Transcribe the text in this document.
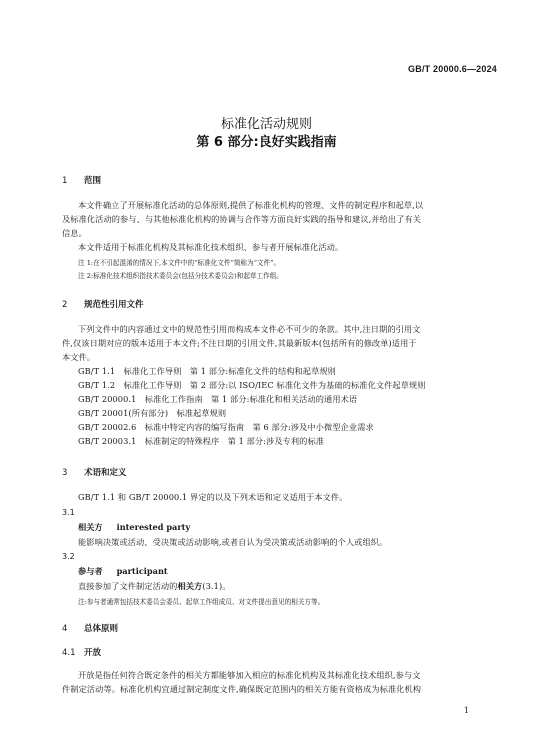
GB/T 20000.6—2024
标准化活动规则
第 6 部分:良好实践指南
1 范围
本文件确立了开展标准化活动的总体原则,提供了标准化机构的管理、文件的制定程序和起草,以
及标准化活动的参与、与其他标准化机构的协调与合作等方面良好实践的指导和建议,并给出了有关
信息。
本文件适用于标准化机构及其标准化技术组织、参与者开展标准化活动。
注 1:在不引起混淆的情况下,本文件中的“标准化文件”简称为“文件”。
注 2:标准化技术组织指技术委员会(包括分技术委员会)和起草工作组。
2 规范性引用文件
下列文件中的内容通过文中的规范性引用而构成本文件必不可少的条款。其中,注日期的引用文
件,仅该日期对应的版本适用于本文件;不注日期的引用文件,其最新版本(包括所有的修改单)适用于
本文件。
GB/T 1.1　标准化工作导则　第 1 部分:标准化文件的结构和起草规则
GB/T 1.2　标准化工作导则　第 2 部分:以 ISO/IEC 标准化文件为基础的标准化文件起草规则
GB/T 20000.1　标准化工作指南　第 1 部分:标准化和相关活动的通用术语
GB/T 20001(所有部分)　标准起草规则
GB/T 20002.6　标准中特定内容的编写指南　第 6 部分:涉及中小微型企业需求
GB/T 20003.1　标准制定的特殊程序　第 1 部分:涉及专利的标准
3 术语和定义
GB/T 1.1 和 GB/T 20000.1 界定的以及下列术语和定义适用于本文件。
3.1
相关方 interested party
能影响决策或活动、受决策或活动影响,或者自认为受决策或活动影响的个人或组织。
3.2
参与者 participant
直接参加了文件制定活动的相关方(3.1)。
注:参与者通常包括技术委员会委员、起草工作组成员、对文件提出意见的相关方等。
4 总体原则
4.1 开放
开放是指任何符合既定条件的相关方都能够加入相应的标准化机构及其标准化技术组织,参与文
件制定活动等。标准化机构宜通过制定制度文件,确保既定范围内的相关方能有资格成为标准化机构
1
